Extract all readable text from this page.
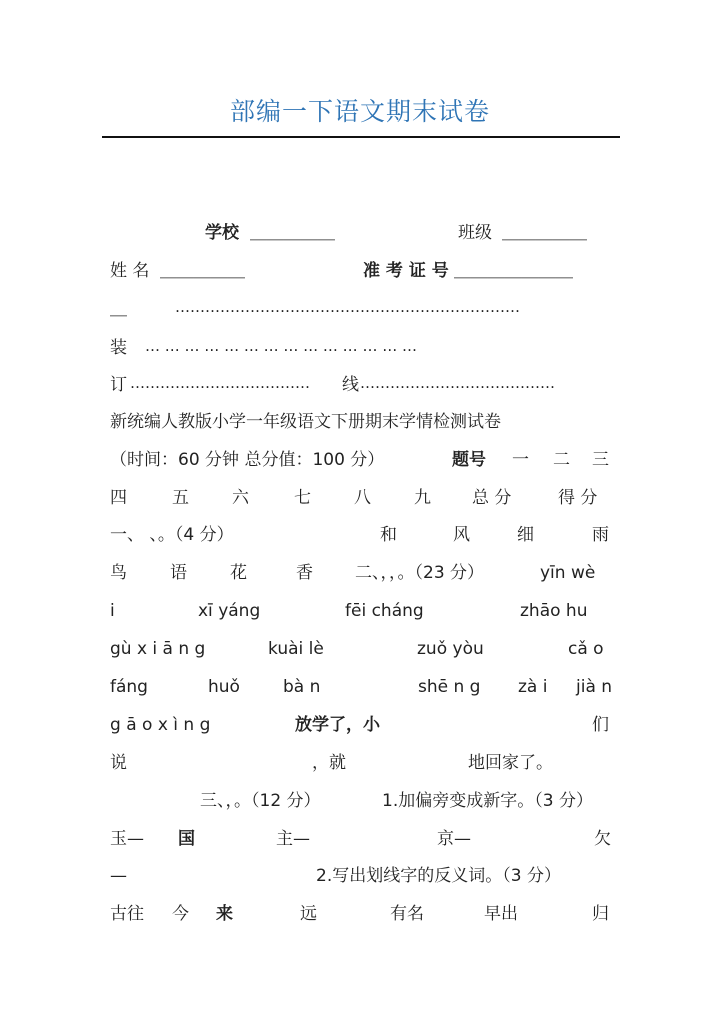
部编一下语文期末试卷
学校 ＿＿＿＿＿	班级 ＿＿＿＿＿
姓 名 ＿＿＿＿＿	准 考 证 号 ＿＿＿＿＿＿＿
＿	……………………………………………………………
装 … … … … … … … … … … … … … …
订 ……………………………… 线 …………………………………
新统编人教版小学一年级语文下册期末学情检测试卷
（时间：60 分钟 总分值：100 分）	题号 一 二 三
四	五	六	七	八	九 总 分	得 分
一、 、。（4 分）	和	风	细	雨
鸟	语	花	香 二、，，。（23 分）	yīn wè
i	xī yáng	fēi cháng	zhāo hu
gù x i ā n g	kuài lè	zuǒ yòu	cǎ o
fáng	huǒ	bà n	shē n g zà i jià n
g ā o x ì n g	放学了，小	们
说	，就	地回家了。
三、，。（12 分）	1.加偏旁变成新字。（3 分）
玉— 国	主—	京—	欠
—	2.写出划线字的反义词。（3 分）
古往 今 来	远	有名	早出	归
